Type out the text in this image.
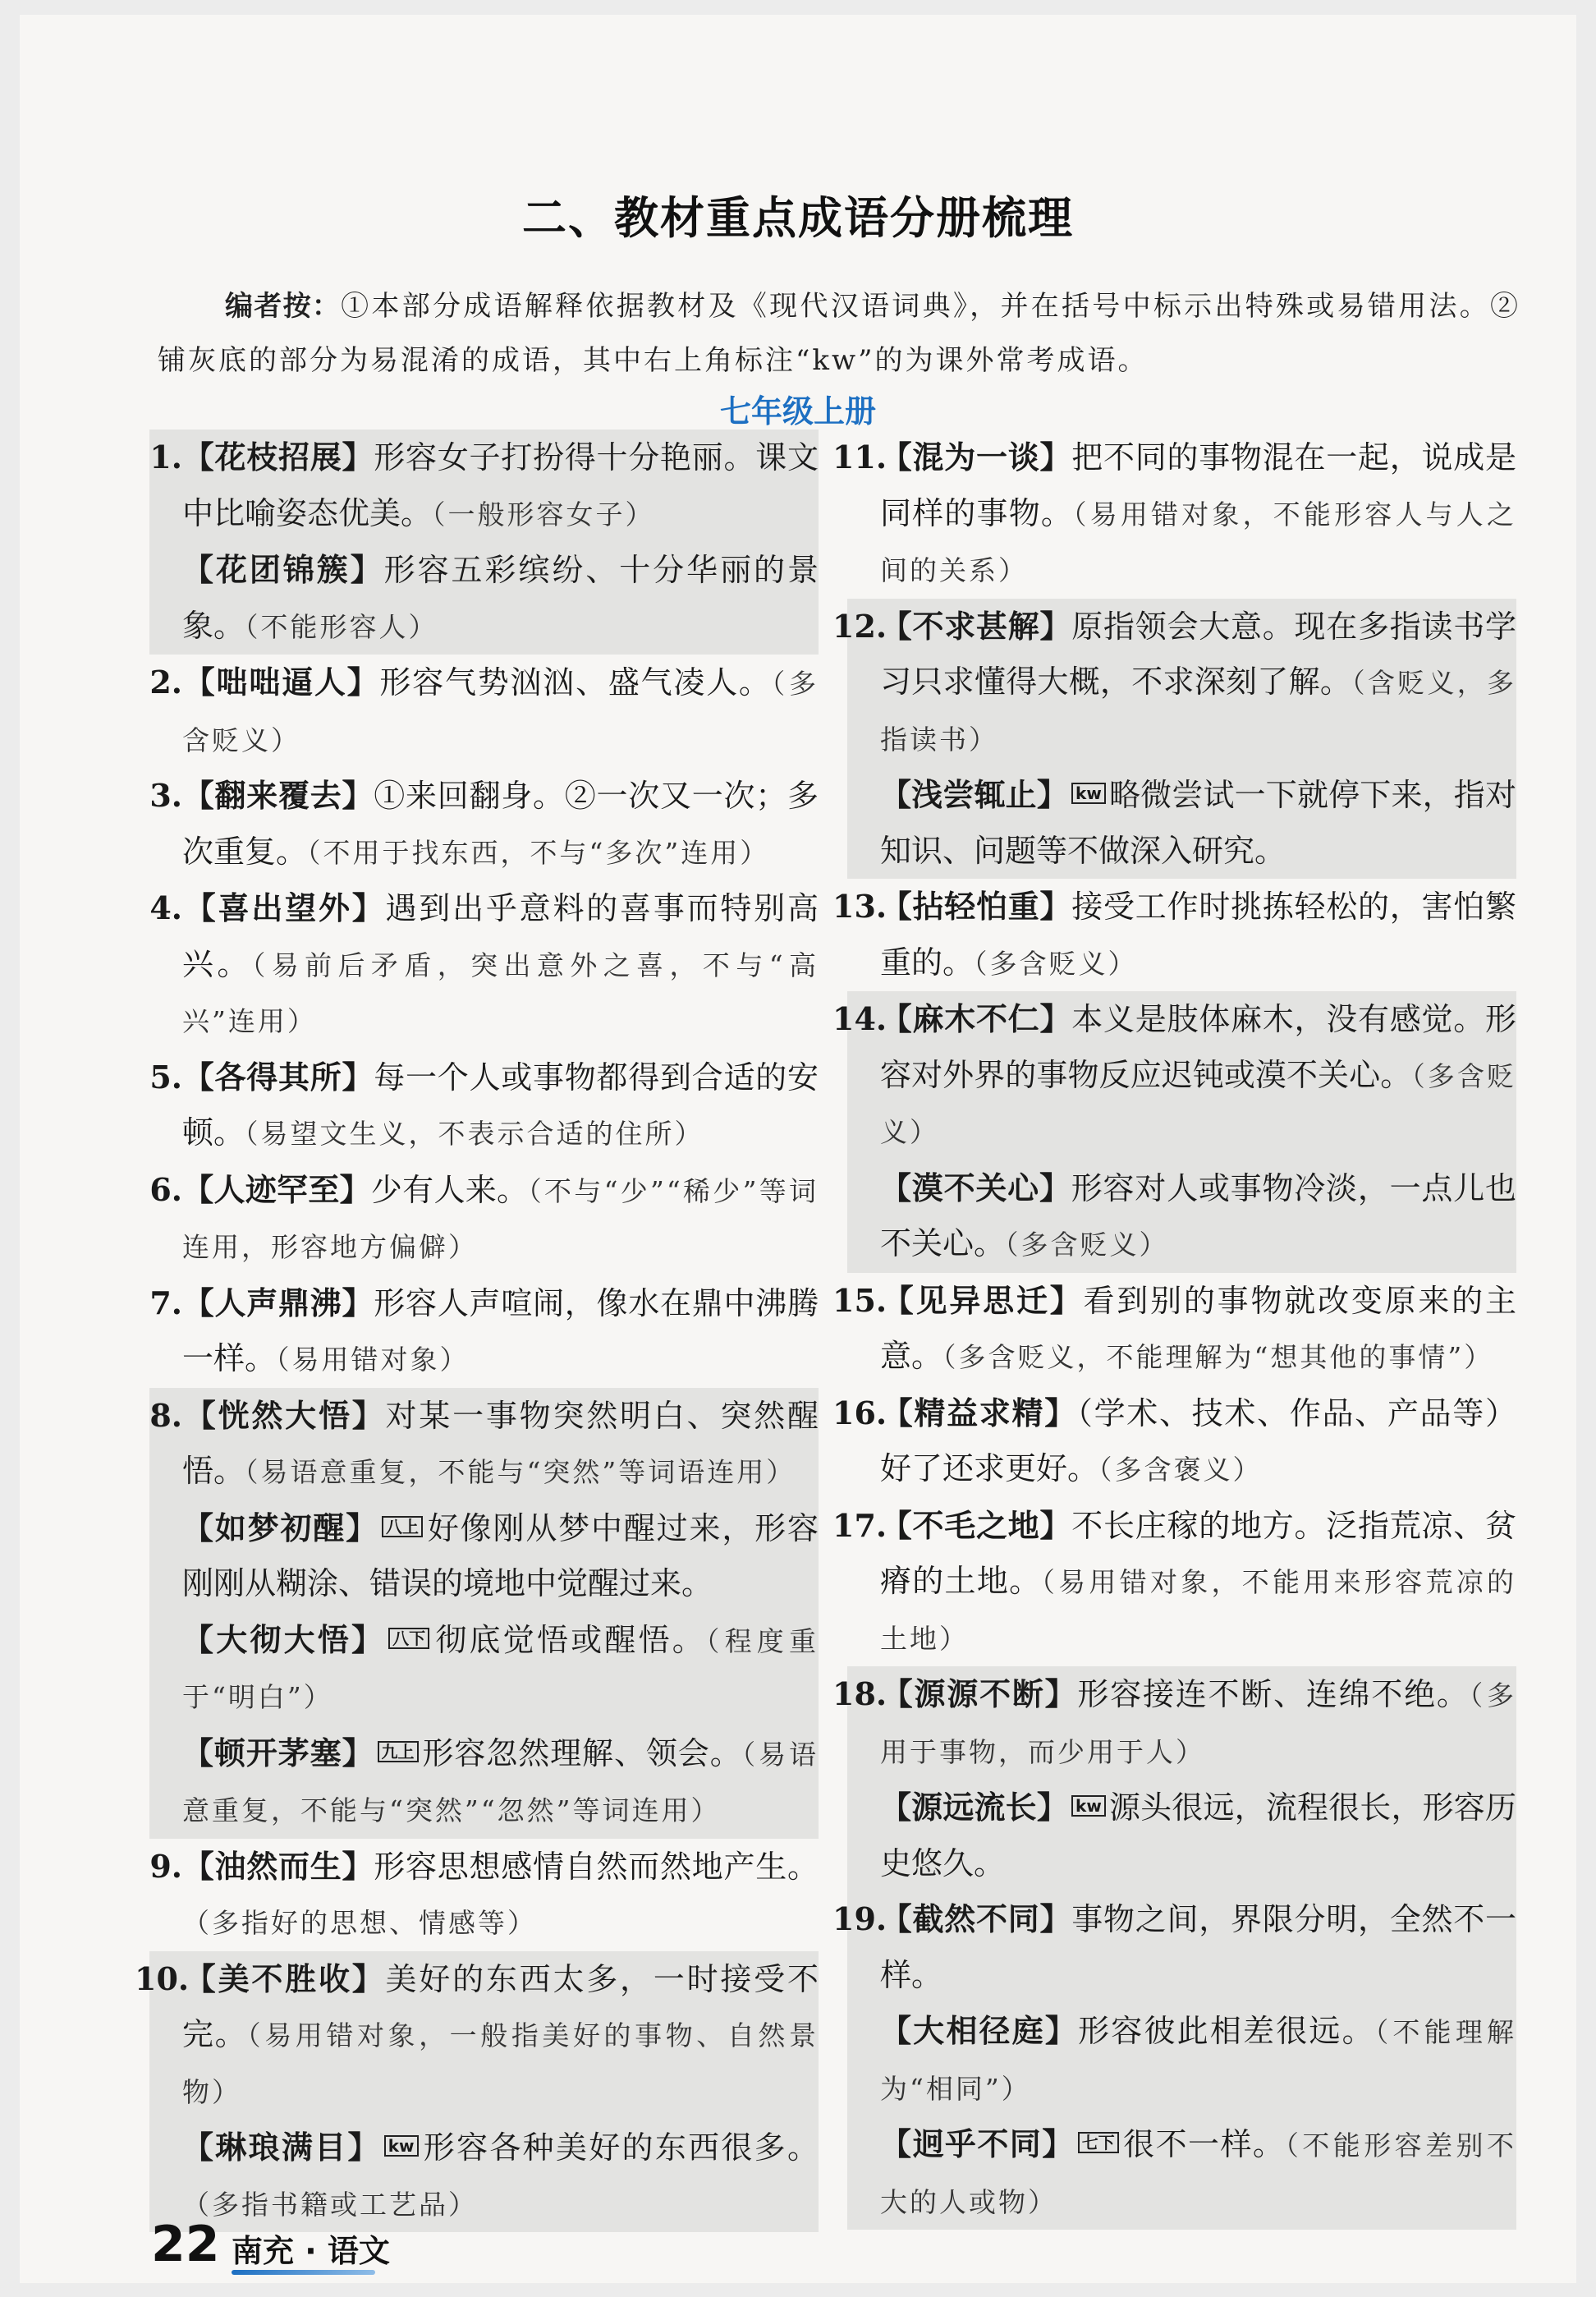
二、教材重点成语分册梳理

编者按：①本部分成语解释依据教材及《现代汉语词典》，并在括号中标示出特殊或易错用法。②铺灰底的部分为易混淆的成语，其中右上角标注“kw”的为课外常考成语。

七年级上册

1.【花枝招展】形容女子打扮得十分艳丽。课文中比喻姿态优美。（一般形容女子）

【花团锦簇】形容五彩缤纷、十分华丽的景象。（不能形容人）

2.【咄咄逼人】形容气势汹汹、盛气凌人。（多含贬义）

3.【翻来覆去】①来回翻身。②一次又一次；多次重复。（不用于找东西，不与“多次”连用）

4.【喜出望外】遇到出乎意料的喜事而特别高兴。（易前后矛盾，突出意外之喜，不与“高兴”连用）

5.【各得其所】每一个人或事物都得到合适的安顿。（易望文生义，不表示合适的住所）

6.【人迹罕至】少有人来。（不与“少”“稀少”等词连用，形容地方偏僻）

7.【人声鼎沸】形容人声喧闹，像水在鼎中沸腾一样。（易用错对象）

8.【恍然大悟】对某一事物突然明白、突然醒悟。（易语意重复，不能与“突然”等词语连用）

【如梦初醒】 八上 好像刚从梦中醒过来，形容刚刚从糊涂、错误的境地中觉醒过来。

【大彻大悟】 八下 彻底觉悟或醒悟。（程度重于“明白”）

【顿开茅塞】 九上 形容忽然理解、领会。（易语意重复，不能与“突然”“忽然”等词连用）

9.【油然而生】形容思想感情自然而然地产生。（多指好的思想、情感等）

10.【美不胜收】美好的东西太多，一时接受不完。（易用错对象，一般指美好的事物、自然景物）

【琳琅满目】 kw 形容各种美好的东西很多。（多指书籍或工艺品）

11.【混为一谈】把不同的事物混在一起，说成是同样的事物。（易用错对象，不能形容人与人之间的关系）

12.【不求甚解】原指领会大意。现在多指读书学习只求懂得大概，不求深刻了解。（含贬义，多指读书）

【浅尝辄止】 kw 略微尝试一下就停下来，指对知识、问题等不做深入研究。

13.【拈轻怕重】接受工作时挑拣轻松的，害怕繁重的。（多含贬义）

14.【麻木不仁】本义是肢体麻木，没有感觉。形容对外界的事物反应迟钝或漠不关心。（多含贬义）

【漠不关心】形容对人或事物冷淡，一点儿也不关心。（多含贬义）

15.【见异思迁】看到别的事物就改变原来的主意。（多含贬义，不能理解为“想其他的事情”）

16.【精益求精】（学术、技术、作品、产品等）好了还求更好。（多含褒义）

17.【不毛之地】不长庄稼的地方。泛指荒凉、贫瘠的土地。（易用错对象，不能用来形容荒凉的土地）

18.【源源不断】形容接连不断、连绵不绝。（多用于事物，而少用于人）

【源远流长】 kw 源头很远，流程很长，形容历史悠久。

19.【截然不同】事物之间，界限分明，全然不一样。

【大相径庭】形容彼此相差很远。（不能理解为“相同”）

【迥乎不同】 七下 很不一样。（不能形容差别不大的人或物）

22 南充 · 语文
